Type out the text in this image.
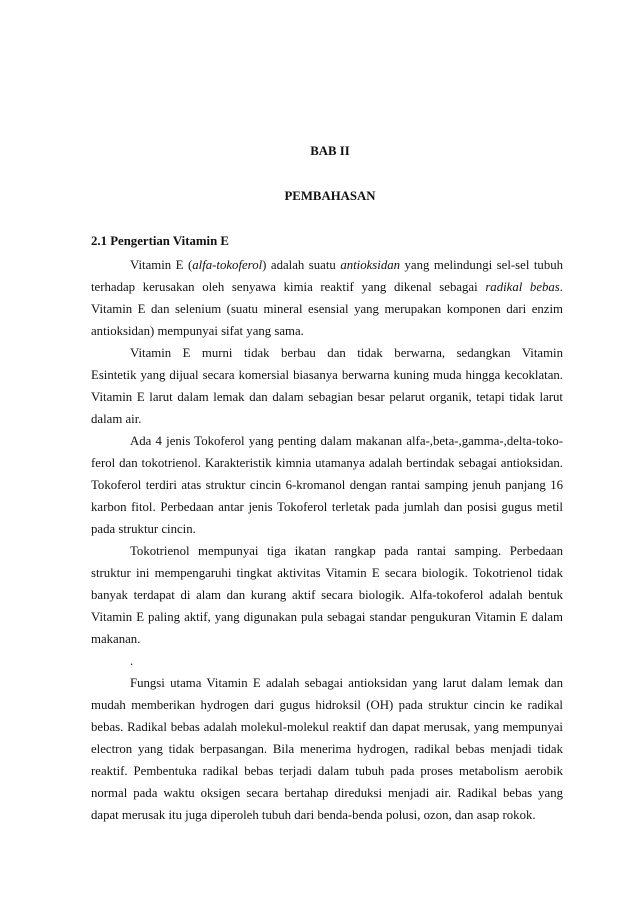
BAB II
PEMBAHASAN
2.1 Pengertian Vitamin E
Vitamin E (alfa-tokoferol) adalah suatu antioksidan yang melindungi sel-sel tubuh
terhadap kerusakan oleh senyawa kimia reaktif yang dikenal sebagai radikal bebas.
Vitamin E dan selenium (suatu mineral esensial yang merupakan komponen dari enzim
antioksidan) mempunyai sifat yang sama.
Vitamin E murni tidak berbau dan tidak berwarna, sedangkan Vitamin
Esintetik yang dijual secara komersial biasanya berwarna kuning muda hingga kecoklatan.
Vitamin E larut dalam lemak dan dalam sebagian besar pelarut organik, tetapi tidak larut
dalam air.
Ada 4 jenis Tokoferol yang penting dalam makanan alfa-,beta-,gamma-,delta-toko-
ferol dan tokotrienol. Karakteristik kimnia utamanya adalah bertindak sebagai antioksidan.
Tokoferol terdiri atas struktur cincin 6-kromanol dengan rantai samping jenuh panjang 16
karbon fitol. Perbedaan antar jenis Tokoferol terletak pada jumlah dan posisi gugus metil
pada struktur cincin.
Tokotrienol mempunyai tiga ikatan rangkap pada rantai samping. Perbedaan
struktur ini mempengaruhi tingkat aktivitas Vitamin E secara biologik. Tokotrienol tidak
banyak terdapat di alam dan kurang aktif secara biologik. Alfa-tokoferol adalah bentuk
Vitamin E paling aktif, yang digunakan pula sebagai standar pengukuran Vitamin E dalam
makanan.
.
Fungsi utama Vitamin E adalah sebagai antioksidan yang larut dalam lemak dan
mudah memberikan hydrogen dari gugus hidroksil (OH) pada struktur cincin ke radikal
bebas. Radikal bebas adalah molekul-molekul reaktif dan dapat merusak, yang mempunyai
electron yang tidak berpasangan. Bila menerima hydrogen, radikal bebas menjadi tidak
reaktif. Pembentuka radikal bebas terjadi dalam tubuh pada proses metabolism aerobik
normal pada waktu oksigen secara bertahap direduksi menjadi air. Radikal bebas yang
dapat merusak itu juga diperoleh tubuh dari benda-benda polusi, ozon, dan asap rokok.
